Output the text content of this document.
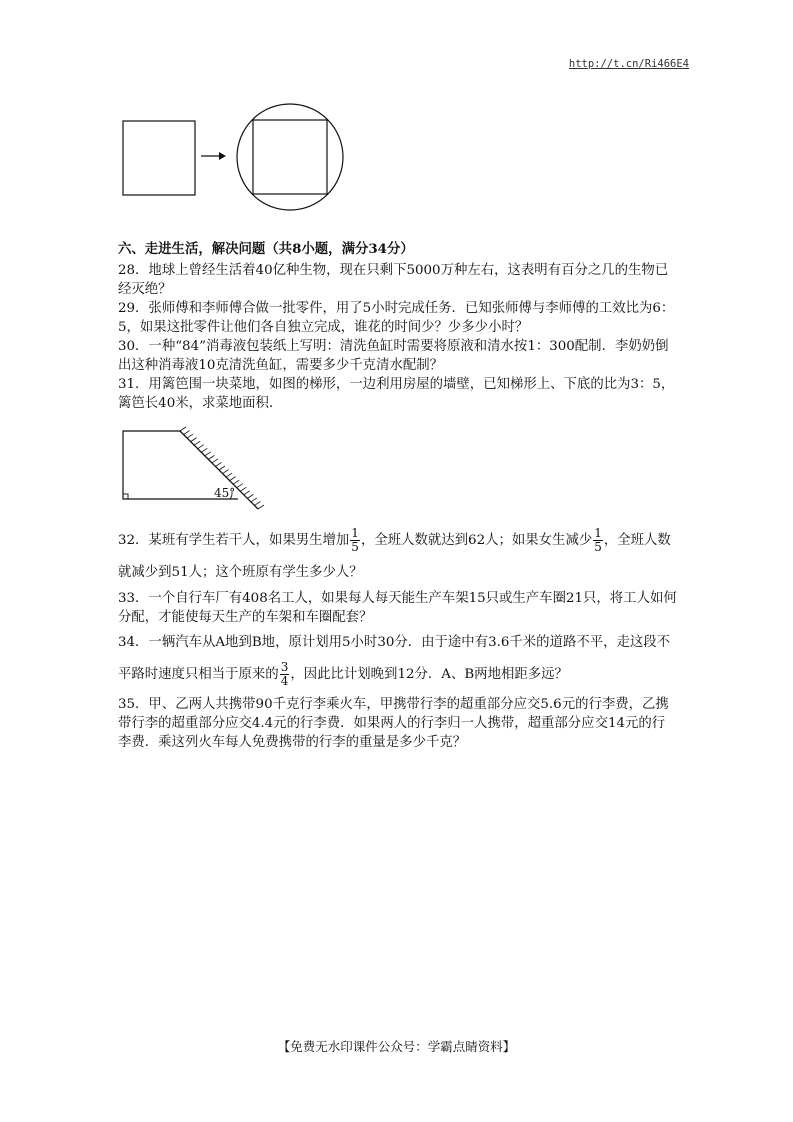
http://t.cn/Ri466E4
六、走进生活，解决问题（共8小题，满分34分）

28．地球上曾经生活着40亿种生物，现在只剩下5000万种左右，这表明有百分之几的生物已经灭绝？

29．张师傅和李师傅合做一批零件，用了5小时完成任务．已知张师傅与李师傅的工效比为6：5，如果这批零件让他们各自独立完成，谁花的时间少？少多少小时？

30．一种“84”消毒液包装纸上写明：清洗鱼缸时需要将原液和清水按1：300配制．李奶奶倒出这种消毒液10克清洗鱼缸，需要多少千克清水配制？

31．用篱笆围一块菜地，如图的梯形，一边利用房屋的墙壁，已知梯形上、下底的比为3：5，篱笆长40米，求菜地面积．

45°

32．某班有学生若干人，如果男生增加 $\frac{1}{5}$ ，全班人数就达到62人；如果女生减少 $\frac{1}{5}$ ，全班人数就减少到51人；这个班原有学生多少人？

33．一个自行车厂有408名工人，如果每人每天能生产车架15只或生产车圈21只，将工人如何分配，才能使每天生产的车架和车圈配套？

34．一辆汽车从A地到B地，原计划用5小时30分．由于途中有3.6千米的道路不平，走这段不平路时速度只相当于原来的 $\frac{3}{4}$ ，因此比计划晚到12分．A、B两地相距多远？

35．甲、乙两人共携带90千克行李乘火车，甲携带行李的超重部分应交5.6元的行李费，乙携带行李的超重部分应交4.4元的行李费．如果两人的行李归一人携带，超重部分应交14元的行李费．乘这列火车每人免费携带的行李的重量是多少千克？

【免费无水印课件公众号：学霸点睛资料】
